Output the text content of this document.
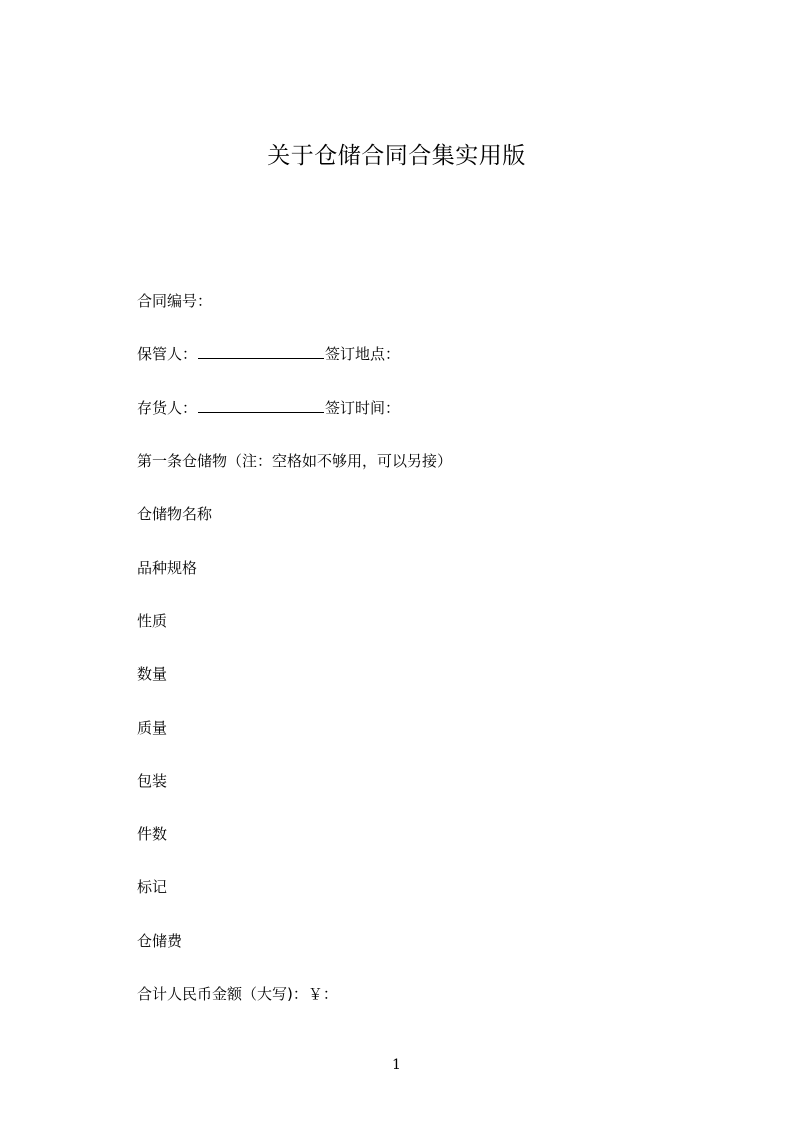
关于仓储合同合集实用版
合同编号：
保管人：	签订地点：
存货人：	签订时间：
第一条仓储物（注：空格如不够用，可以另接）
仓储物名称
品种规格
性质
数量
质量
包装
件数
标记
仓储费
合计人民币金额（大写)：￥：
1
